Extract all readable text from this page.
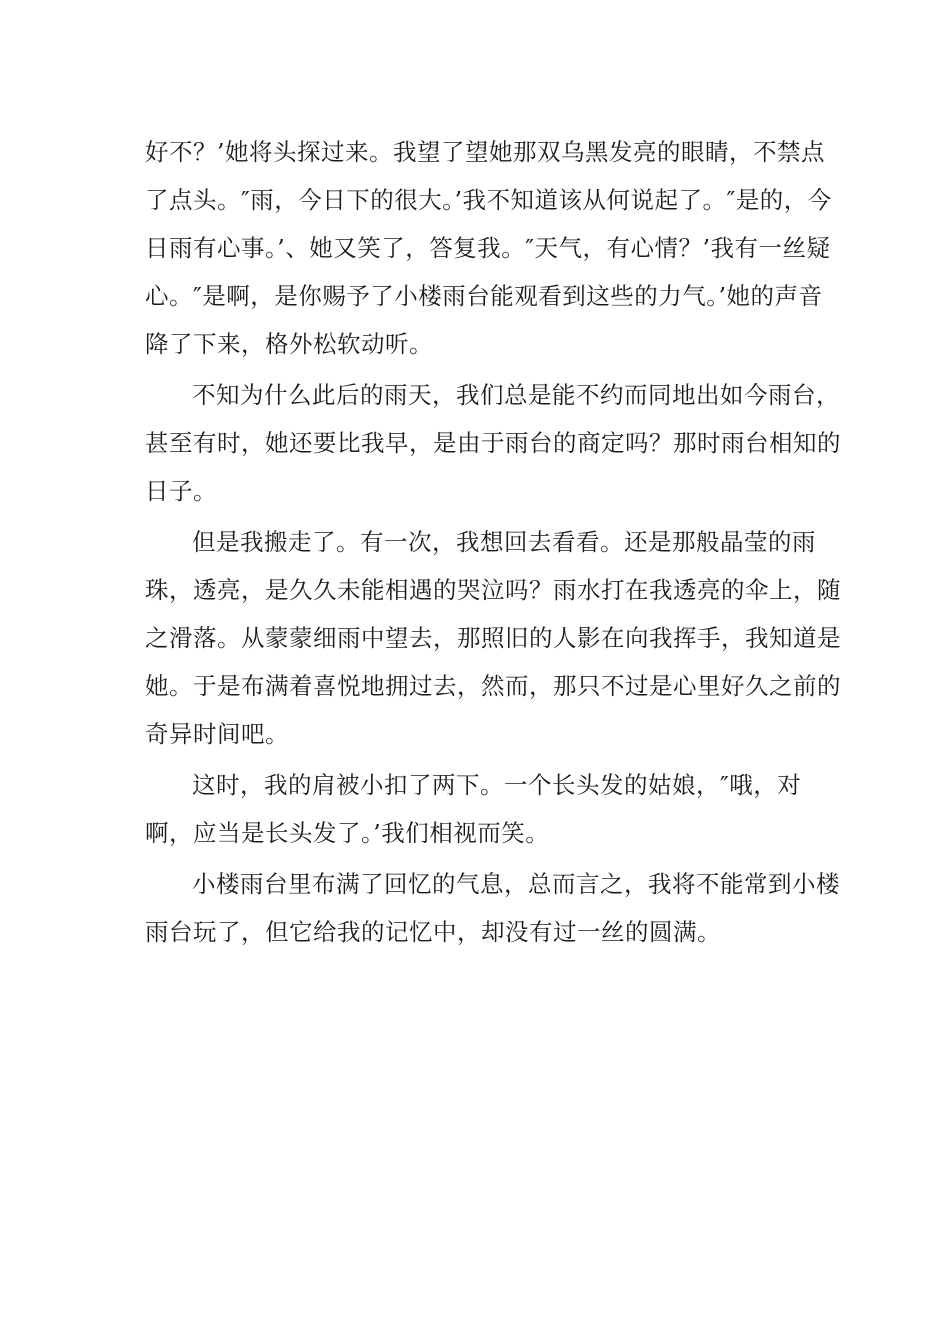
好不？’她将头探过来。我望了望她那双乌黑发亮的眼睛，不禁点了点头。″雨，今日下的很大。’我不知道该从何说起了。″是的，今日雨有心事。’、她又笑了，答复我。″天气，有心情？’我有一丝疑心。″是啊，是你赐予了小楼雨台能观看到这些的力气。’她的声音降了下来，格外松软动听。

不知为什么此后的雨天，我们总是能不约而同地出如今雨台，甚至有时，她还要比我早，是由于雨台的商定吗？那时雨台相知的日子。

但是我搬走了。有一次，我想回去看看。还是那般晶莹的雨珠，透亮，是久久未能相遇的哭泣吗？雨水打在我透亮的伞上，随之滑落。从蒙蒙细雨中望去，那照旧的人影在向我挥手，我知道是她。于是布满着喜悦地拥过去，然而，那只不过是心里好久之前的奇异时间吧。

这时，我的肩被小扣了两下。一个长头发的姑娘，″哦，对啊，应当是长头发了。’我们相视而笑。

小楼雨台里布满了回忆的气息，总而言之，我将不能常到小楼雨台玩了，但它给我的记忆中，却没有过一丝的圆满。
